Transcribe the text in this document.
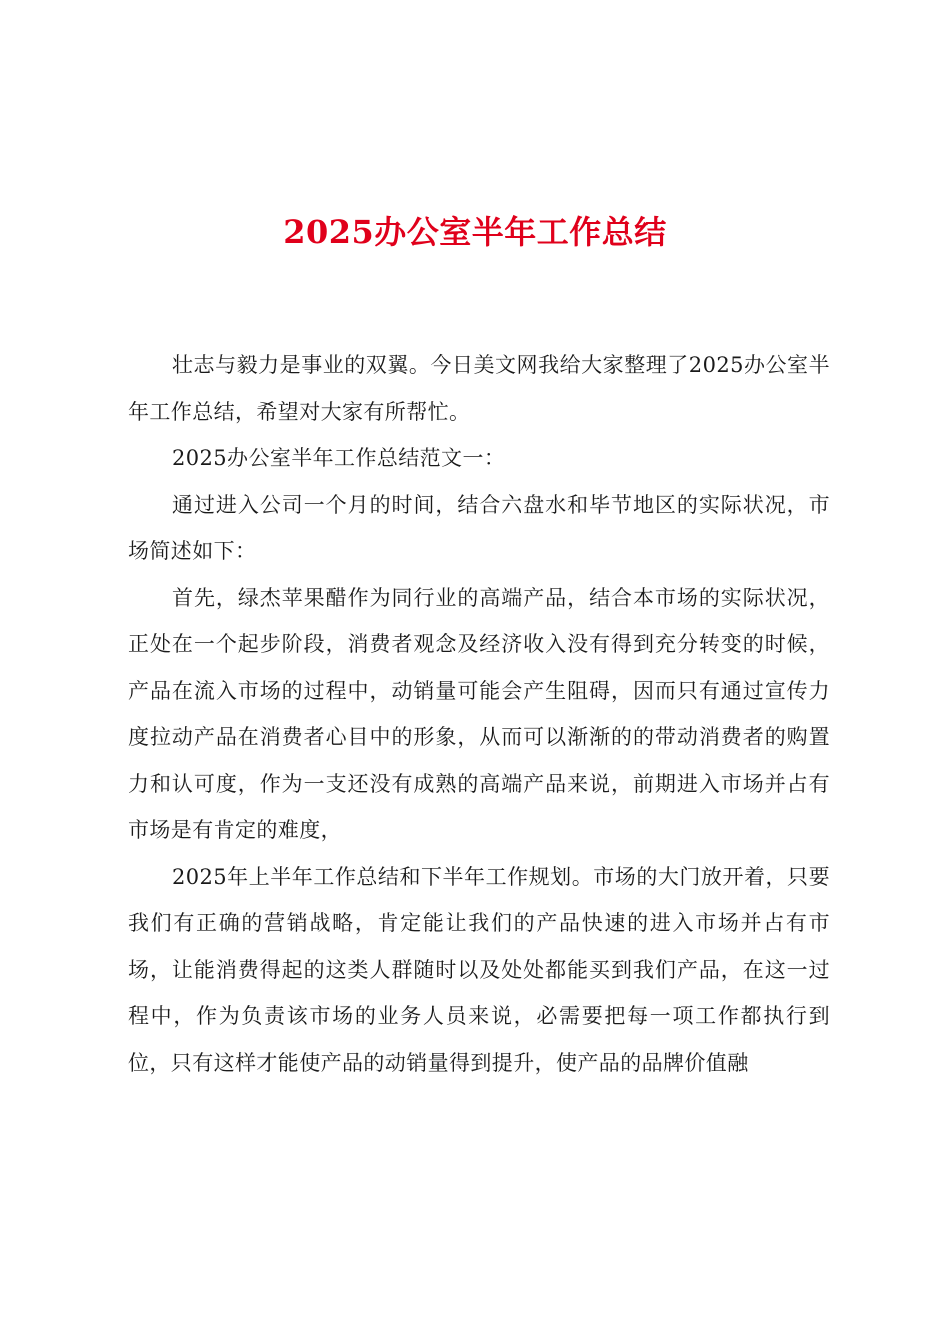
2025办公室半年工作总结

壮志与毅力是事业的双翼。今日美文网我给大家整理了2025办公室半年工作总结，希望对大家有所帮忙。

2025办公室半年工作总结范文一：

通过进入公司一个月的时间，结合六盘水和毕节地区的实际状况，市场简述如下：

首先，绿杰苹果醋作为同行业的高端产品，结合本市场的实际状况，正处在一个起步阶段，消费者观念及经济收入没有得到充分转变的时候，产品在流入市场的过程中，动销量可能会产生阻碍，因而只有通过宣传力度拉动产品在消费者心目中的形象，从而可以渐渐的的带动消费者的购置力和认可度，作为一支还没有成熟的高端产品来说，前期进入市场并占有市场是有肯定的难度，

2025年上半年工作总结和下半年工作规划。市场的大门放开着，只要我们有正确的营销战略，肯定能让我们的产品快速的进入市场并占有市场，让能消费得起的这类人群随时以及处处都能买到我们产品，在这一过程中，作为负责该市场的业务人员来说，必需要把每一项工作都执行到位，只有这样才能使产品的动销量得到提升，使产品的品牌价值融
